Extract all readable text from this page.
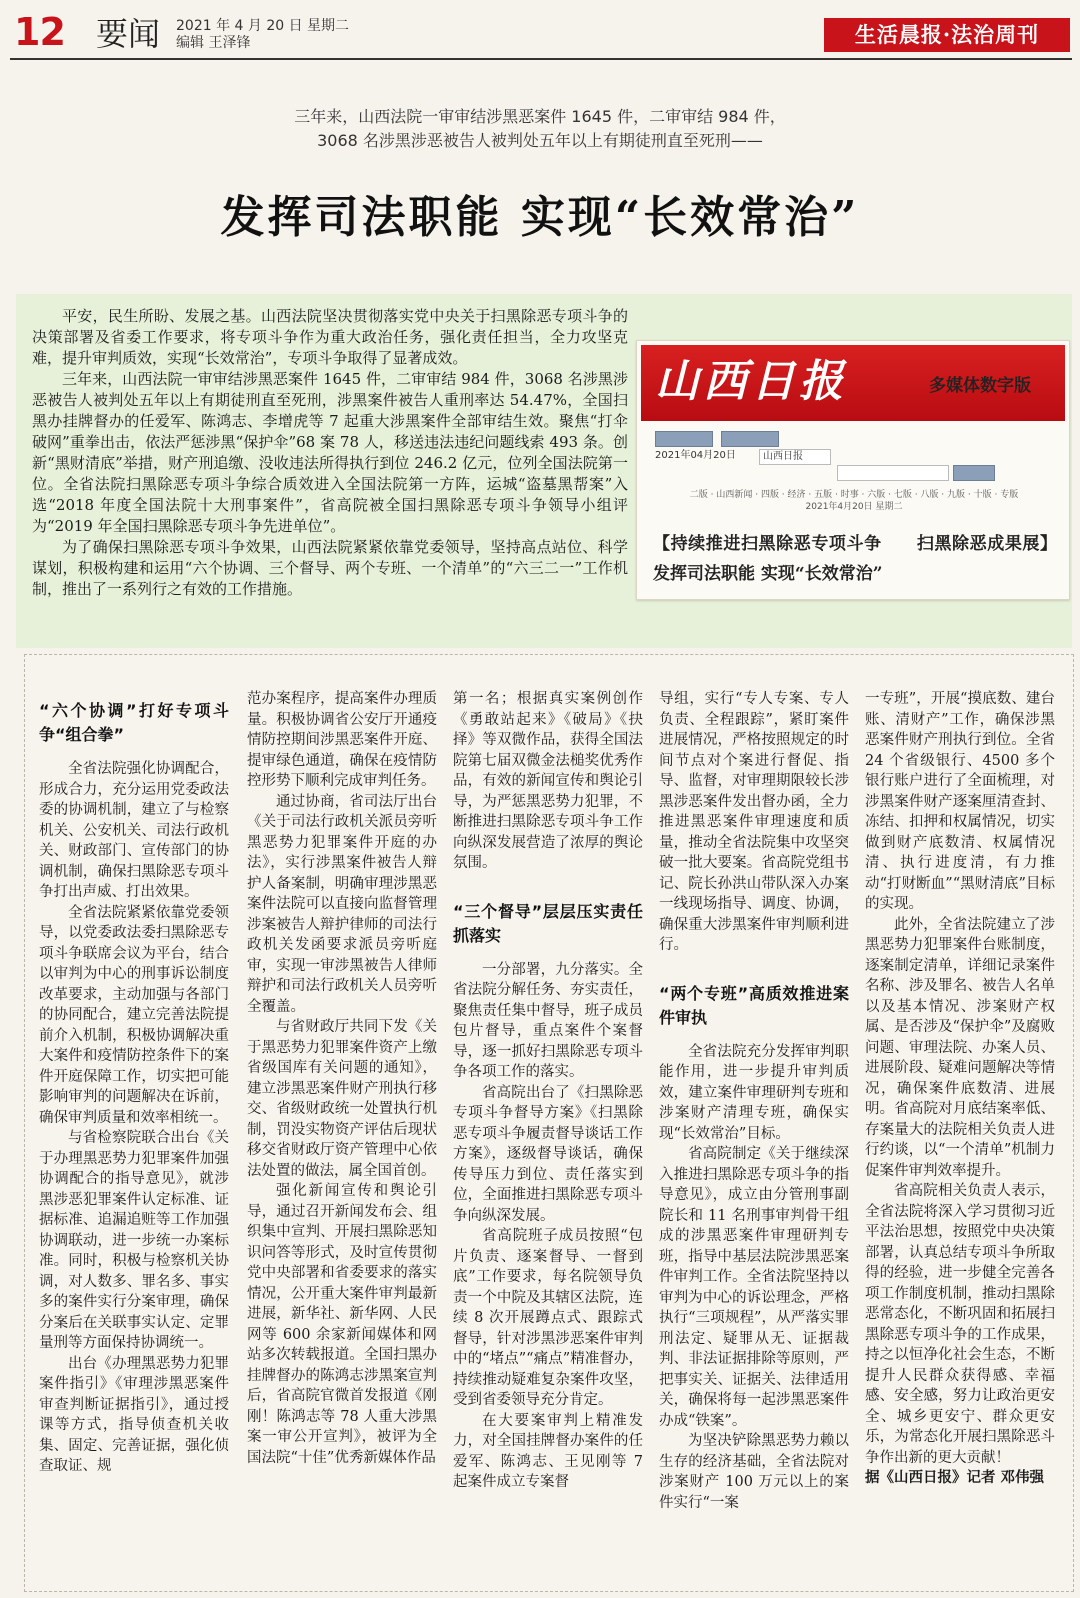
12 要闻 2021 年 4 月 20 日 星期二
编辑 王泽锋	生活晨报·法治周刊
三年来，山西法院一审审结涉黑恶案件 1645 件，二审审结 984 件，
3068 名涉黑涉恶被告人被判处五年以上有期徒刑直至死刑——
发挥司法职能 实现“长效常治”

平安，民生所盼、发展之基。山西法院坚决贯彻落实党中央关于扫黑除恶专项斗争的决策部署及省委工作要求，将专项斗争作为重大政治任务，强化责任担当，全力攻坚克难，提升审判质效，实现“长效常治”，专项斗争取得了显著成效。

三年来，山西法院一审审结涉黑恶案件 1645 件，二审审结 984 件，3068 名涉黑涉恶被告人被判处五年以上有期徒刑直至死刑，涉黑案件被告人重刑率达 54.47%，全国扫黑办挂牌督办的任爱军、陈鸿志、李增虎等 7 起重大涉黑案件全部审结生效。聚焦“打伞破网”重拳出击，依法严惩涉黑“保护伞”68 案 78 人，移送违法违纪问题线索 493 条。创新“黑财清底”举措，财产刑追缴、没收违法所得执行到位 246.2 亿元，位列全国法院第一位。全省法院扫黑除恶专项斗争综合质效进入全国法院第一方阵，运城“盗墓黑帮案”入选“2018 年度全国法院十大刑事案件”，省高院被全国扫黑除恶专项斗争领导小组评为“2019 年全国扫黑除恶专项斗争先进单位”。

为了确保扫黑除恶专项斗争效果，山西法院紧紧依靠党委领导，坚持高点站位、科学谋划，积极构建和运用“六个协调、三个督导、两个专班、一个清单”的“六三二一”工作机制，推出了一系列行之有效的工作措施。

山西日报	多媒体数字版
2021年04月20日	山西日报
二版 · 山西新闻 · 四版 · 经济 · 五版 · 时事 · 六版 · 七版 · 八版 · 九版 · 十版 · 专版
2021年4月20日 星期二
【持续推进扫黑除恶专项斗争　　扫黑除恶成果展】发挥司法职能 实现“长效常治”
“六个协调”打好专项斗争“组合拳”

全省法院强化协调配合，形成合力，充分运用党委政法委的协调机制，建立了与检察机关、公安机关、司法行政机关、财政部门、宣传部门的协调机制，确保扫黑除恶专项斗争打出声威、打出效果。

全省法院紧紧依靠党委领导，以党委政法委扫黑除恶专项斗争联席会议为平台，结合以审判为中心的刑事诉讼制度改革要求，主动加强与各部门的协同配合，建立完善法院提前介入机制，积极协调解决重大案件和疫情防控条件下的案件开庭保障工作，切实把可能影响审判的问题解决在诉前，确保审判质量和效率相统一。

与省检察院联合出台《关于办理黑恶势力犯罪案件加强协调配合的指导意见》，就涉黑涉恶犯罪案件认定标准、证据标准、追漏追赃等工作加强协调联动，进一步统一办案标准。同时，积极与检察机关协调，对人数多、罪名多、事实多的案件实行分案审理，确保分案后在关联事实认定、定罪量刑等方面保持协调统一。

出台《办理黑恶势力犯罪案件指引》《审理涉黑恶案件审查判断证据指引》，通过授课等方式，指导侦查机关收集、固定、完善证据，强化侦查取证、规

范办案程序，提高案件办理质量。积极协调省公安厅开通疫情防控期间涉黑恶案件开庭、提审绿色通道，确保在疫情防控形势下顺利完成审判任务。

通过协商，省司法厅出台《关于司法行政机关派员旁听黑恶势力犯罪案件开庭的办法》，实行涉黑案件被告人辩护人备案制，明确审理涉黑恶案件法院可以直接向监督管理涉案被告人辩护律师的司法行政机关发函要求派员旁听庭审，实现一审涉黑被告人律师辩护和司法行政机关人员旁听全覆盖。

与省财政厅共同下发《关于黑恶势力犯罪案件资产上缴省级国库有关问题的通知》，建立涉黑恶案件财产刑执行移交、省级财政统一处置执行机制，罚没实物资产评估后现状移交省财政厅资产管理中心依法处置的做法，属全国首创。

强化新闻宣传和舆论引导，通过召开新闻发布会、组织集中宣判、开展扫黑除恶知识问答等形式，及时宣传贯彻党中央部署和省委要求的落实情况，公开重大案件审判最新进展，新华社、新华网、人民网等 600 余家新闻媒体和网站多次转载报道。全国扫黑办挂牌督办的陈鸿志涉黑案宣判后，省高院官微首发报道《刚刚！陈鸿志等 78 人重大涉黑案一审公开宣判》，被评为全国法院“十佳”优秀新媒体作品

第一名；根据真实案例创作《勇敢站起来》《破局》《抉择》等双微作品，获得全国法院第七届双微金法槌奖优秀作品，有效的新闻宣传和舆论引导，为严惩黑恶势力犯罪，不断推进扫黑除恶专项斗争工作向纵深发展营造了浓厚的舆论氛围。

“三个督导”层层压实责任抓落实

一分部署，九分落实。全省法院分解任务、夯实责任，聚焦责任集中督导，班子成员包片督导，重点案件个案督导，逐一抓好扫黑除恶专项斗争各项工作的落实。

省高院出台了《扫黑除恶专项斗争督导方案》《扫黑除恶专项斗争履责督导谈话工作方案》，逐级督导谈话，确保传导压力到位、责任落实到位，全面推进扫黑除恶专项斗争向纵深发展。

省高院班子成员按照“包片负责、逐案督导、一督到底”工作要求，每名院领导负责一个中院及其辖区法院，连续 8 次开展蹲点式、跟踪式督导，针对涉黑涉恶案件审判中的“堵点”“痛点”精准督办，持续推动疑难复杂案件攻坚，受到省委领导充分肯定。

在大要案审判上精准发力，对全国挂牌督办案件的任爱军、陈鸿志、王见刚等 7 起案件成立专案督

导组，实行“专人专案、专人负责、全程跟踪”，紧盯案件进展情况，严格按照规定的时间节点对个案进行督促、指导、监督，对审理期限较长涉黑涉恶案件发出督办函，全力推进黑恶案件审理速度和质量，推动全省法院集中攻坚突破一批大要案。省高院党组书记、院长孙洪山带队深入办案一线现场指导、调度、协调，确保重大涉黑案件审判顺利进行。

“两个专班”高质效推进案件审执

全省法院充分发挥审判职能作用，进一步提升审判质效，建立案件审理研判专班和涉案财产清理专班，确保实现“长效常治”目标。

省高院制定《关于继续深入推进扫黑除恶专项斗争的指导意见》，成立由分管刑事副院长和 11 名刑事审判骨干组成的涉黑恶案件审理研判专班，指导中基层法院涉黑恶案件审判工作。全省法院坚持以审判为中心的诉讼理念，严格执行“三项规程”，从严落实罪刑法定、疑罪从无、证据裁判、非法证据排除等原则，严把事实关、证据关、法律适用关，确保将每一起涉黑恶案件办成“铁案”。

为坚决铲除黑恶势力赖以生存的经济基础，全省法院对涉案财产 100 万元以上的案件实行“一案

一专班”，开展“摸底数、建台账、清财产”工作，确保涉黑恶案件财产刑执行到位。全省 24 个省级银行、4500 多个银行账户进行了全面梳理，对涉黑案件财产逐案厘清查封、冻结、扣押和权属情况，切实做到财产底数清、权属情况清、执行进度清，有力推动“打财断血”“黑财清底”目标的实现。

此外，全省法院建立了涉黑恶势力犯罪案件台账制度，逐案制定清单，详细记录案件名称、涉及罪名、被告人名单以及基本情况、涉案财产权属、是否涉及“保护伞”及腐败问题、审理法院、办案人员、进展阶段、疑难问题解决等情况，确保案件底数清、进展明。省高院对月底结案率低、存案量大的法院相关负责人进行约谈，以“一个清单”机制力促案件审判效率提升。

省高院相关负责人表示，全省法院将深入学习贯彻习近平法治思想，按照党中央决策部署，认真总结专项斗争所取得的经验，进一步健全完善各项工作制度机制，推动扫黑除恶常态化，不断巩固和拓展扫黑除恶专项斗争的工作成果，持之以恒净化社会生态，不断提升人民群众获得感、幸福感、安全感，努力让政治更安全、城乡更安宁、群众更安乐，为常态化开展扫黑除恶斗争作出新的更大贡献！

据《山西日报》记者 邓伟强
